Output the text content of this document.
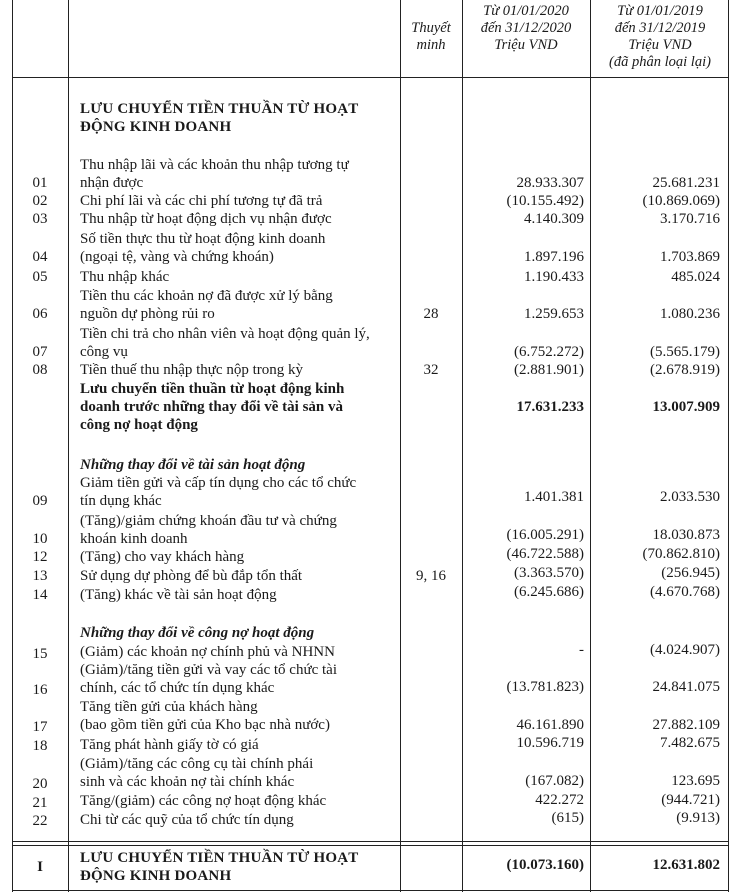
Thuyết
minh
Từ 01/01/2020
đến 31/12/2020
Triệu VND
Từ 01/01/2019
đến 31/12/2019
Triệu VND
(đã phân loại lại)
LƯU CHUYỂN TIỀN THUẦN TỪ HOẠT
ĐỘNG KINH DOANH
Thu nhập lãi và các khoản thu nhập tương tự
nhận được
01	28.933.307	25.681.231
Chi phí lãi và các chi phí tương tự đã trả
02	(10.155.492)	(10.869.069)
Thu nhập từ hoạt động dịch vụ nhận được
03	4.140.309	3.170.716
Số tiền thực thu từ hoạt động kinh doanh
(ngoại tệ, vàng và chứng khoán)
04	1.897.196	1.703.869
Thu nhập khác
05	1.190.433	485.024
Tiền thu các khoản nợ đã được xử lý bằng
nguồn dự phòng rủi ro
06	28	1.259.653	1.080.236
Tiền chi trả cho nhân viên và hoạt động quản lý,
công vụ
07	(6.752.272)	(5.565.179)
Tiền thuế thu nhập thực nộp trong kỳ
08	32	(2.881.901)	(2.678.919)
Lưu chuyển tiền thuần từ hoạt động kinh
doanh trước những thay đổi về tài sản và
công nợ hoạt động
17.631.233	13.007.909
Những thay đổi về tài sản hoạt động
Giảm tiền gửi và cấp tín dụng cho các tổ chức
tín dụng khác
09	1.401.381	2.033.530
(Tăng)/giảm chứng khoán đầu tư và chứng
khoán kinh doanh
10	(16.005.291)	18.030.873
(Tăng) cho vay khách hàng
12	(46.722.588)	(70.862.810)
Sử dụng dự phòng để bù đắp tổn thất
13	9, 16	(3.363.570)	(256.945)
(Tăng) khác về tài sản hoạt động
14	(6.245.686)	(4.670.768)
Những thay đổi về công nợ hoạt động
(Giảm) các khoản nợ chính phủ và NHNN
15	-	(4.024.907)
(Giảm)/tăng tiền gửi và vay các tổ chức tài
chính, các tổ chức tín dụng khác
16	(13.781.823)	24.841.075
Tăng tiền gửi của khách hàng
(bao gồm tiền gửi của Kho bạc nhà nước)
17	46.161.890	27.882.109
Tăng phát hành giấy tờ có giá
18	10.596.719	7.482.675
(Giảm)/tăng các công cụ tài chính phái
sinh và các khoản nợ tài chính khác
20	(167.082)	123.695
Tăng/(giảm) các công nợ hoạt động khác
21	422.272	(944.721)
Chi từ các quỹ của tổ chức tín dụng
22	(615)	(9.913)
I
LƯU CHUYỂN TIỀN THUẦN TỪ HOẠT
ĐỘNG KINH DOANH
(10.073.160)	12.631.802
